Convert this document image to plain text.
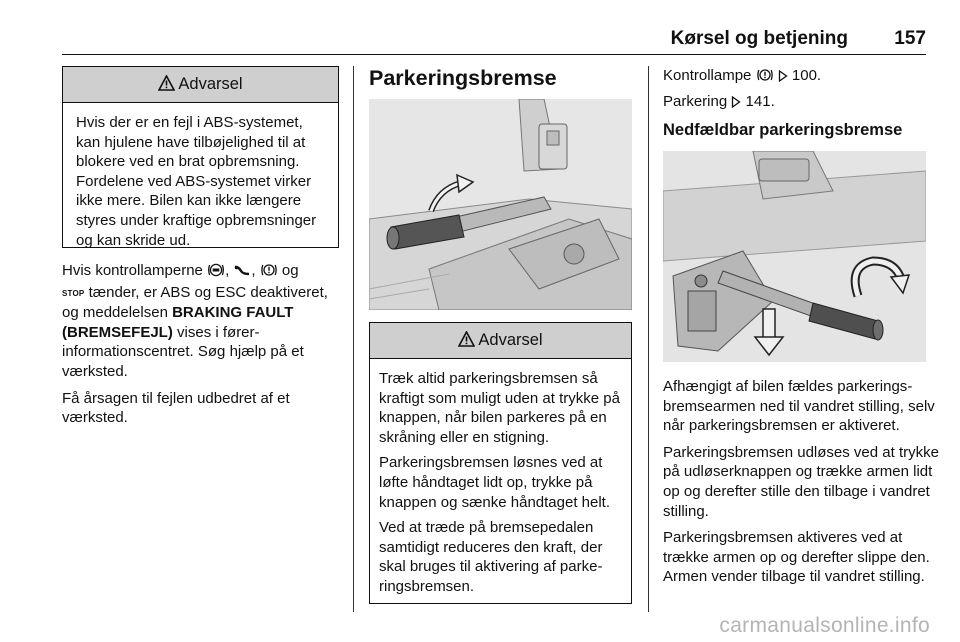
Kørsel og betjening 157
Advarsel

Hvis der er en fejl i ABS-systemet, kan hjulene have tilbøjelighed til at blokere ved en brat opbremsning. Fordelene ved ABS-systemet virker ikke mere. Bilen kan ikke længere styres under kraftige opbremsninger og kan skride ud.

Hvis kontrollamperne , , og
STOP tænder, er ABS og ESC deaktiveret, og meddelelsen BRAKING FAULT (BREMSEFEJL) vises i førerinformationscentret. Søg hjælp på et værksted.

Få årsagen til fejlen udbedret af et værksted.

Parkeringsbremse
Advarsel

Træk altid parkeringsbremsen så kraftigt som muligt uden at trykke på knappen, når bilen parkeres på en skråning eller en stigning.

Parkeringsbremsen løsnes ved at løfte håndtaget lidt op, trykke på knappen og sænke håndtaget helt.

Ved at træde på bremsepedalen samtidigt reduceres den kraft, der skal bruges til aktivering af parkeringsbremsen.

Kontrollampe	100.

Parkering 141.

Nedfældbar parkeringsbremse

Afhængigt af bilen fældes parkeringsbremsearmen ned til vandret stilling, selv når parkeringsbremsen er aktiveret.

Parkeringsbremsen udløses ved at trykke på udløserknappen og trække armen lidt op og derefter stille den tilbage i vandret stilling.

Parkeringsbremsen aktiveres ved at trække armen op og derefter slippe den. Armen vender tilbage til vandret stilling.

carmanualsonline.info
